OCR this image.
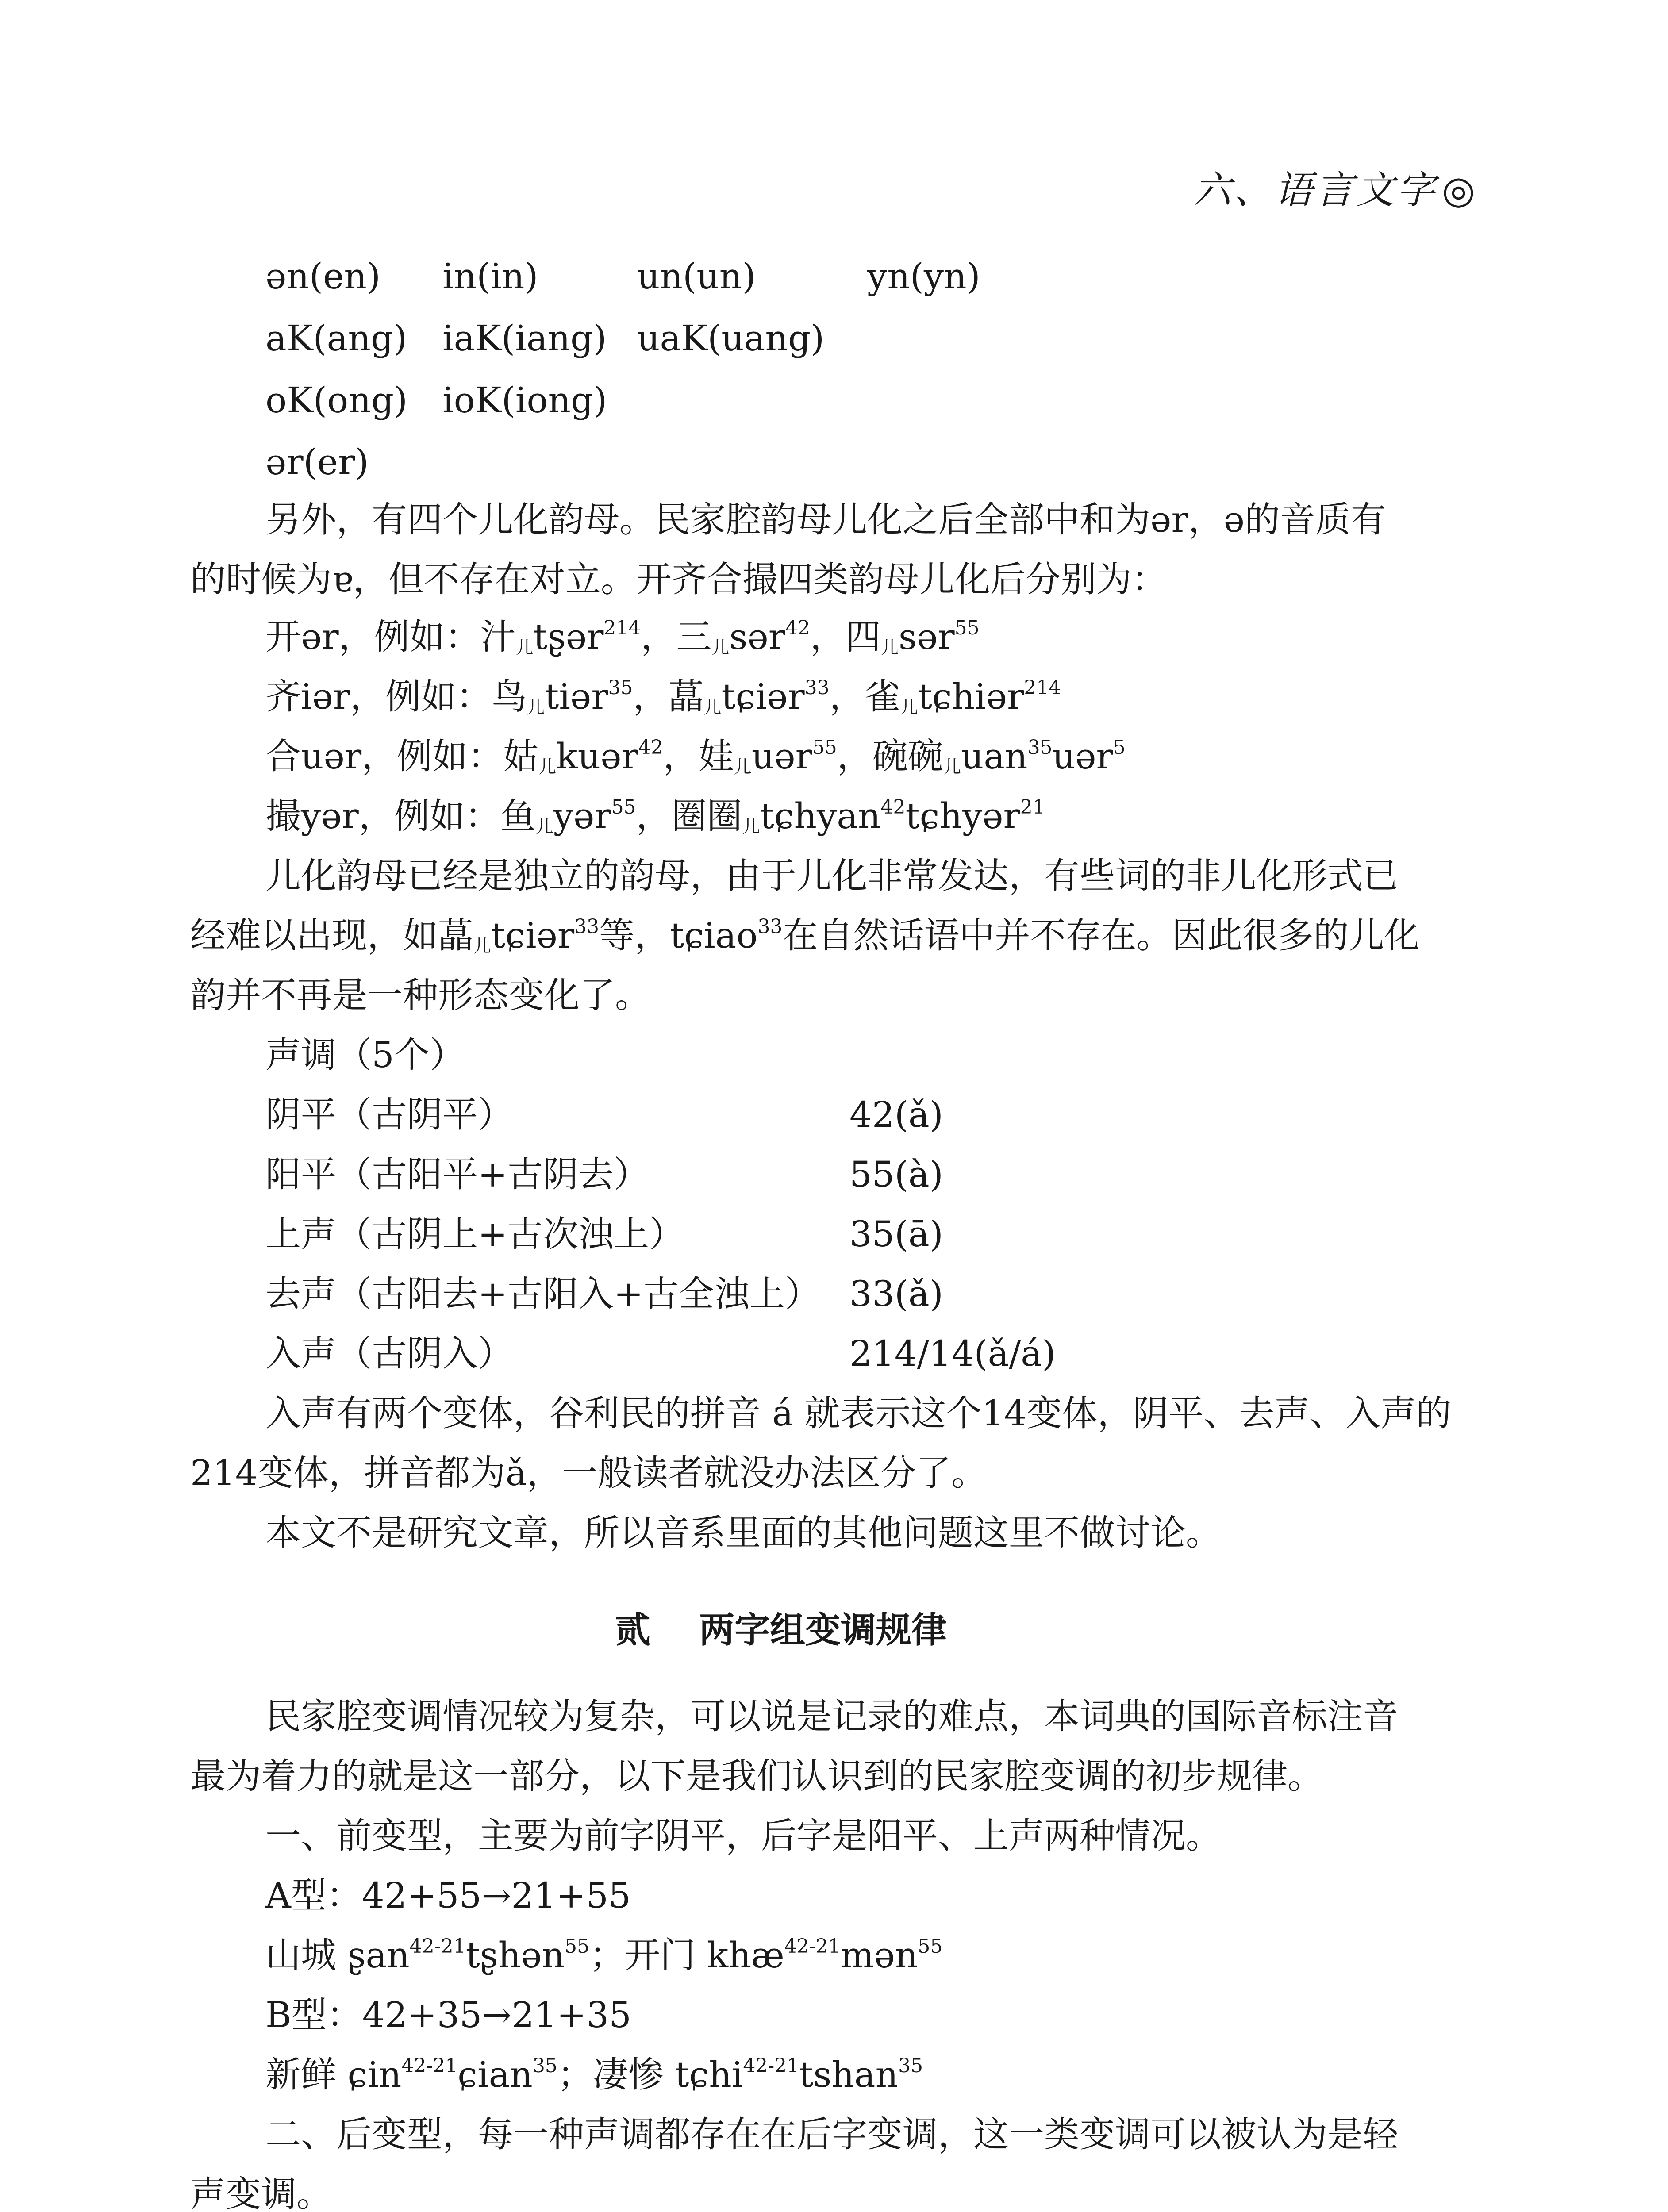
六、语言文字 ◎
ən(en) in(in)	un(un)	yn(yn)
aK(ang) iaK(iang) uaK(uang)
oK(ong) ioK(iong)
ər(er)
另外，有四个儿化韵母。民家腔韵母儿化之后全部中和为ər，ə的音质有
的时候为ɐ，但不存在对立。开齐合撮四类韵母儿化后分别为：
开ər，例如：汁$_儿$tʂər$^{214}$，三$_儿$sər$^{42}$，四$_儿$sər$^{55}$
齐iər，例如：鸟$_儿$tiər$^{35}$，蕌$_儿$tɕiər$^{33}$，雀$_儿$tɕhiər$^{214}$
合uər，例如：姑$_儿$kuər$^{42}$，娃$_儿$uər$^{55}$，碗碗$_儿$uan$^{35}$uər$^5$
撮yər，例如：鱼$_儿$yər$^{55}$，圈圈$_儿$tɕhyan$^{42}$tɕhyər$^{21}$
儿化韵母已经是独立的韵母，由于儿化非常发达，有些词的非儿化形式已
经难以出现，如蕌$_儿$tɕiər$^{33}$等，tɕiao$^{33}$在自然话语中并不存在。因此很多的儿化
韵并不再是一种形态变化了。
声调（5个）
阴平（古阴平）	42(ǎ)
阳平（古阳平+古阴去）	55(à)
上声（古阴上+古次浊上）	35(ā)
去声（古阳去+古阳入+古全浊上） 33(ǎ)
入声（古阴入）	214/14(ǎ/á)
入声有两个变体，谷利民的拼音 á 就表示这个14变体，阴平、去声、入声的
214变体，拼音都为ǎ，一般读者就没办法区分了。
本文不是研究文章，所以音系里面的其他问题这里不做讨论。
贰 两字组变调规律
民家腔变调情况较为复杂，可以说是记录的难点，本词典的国际音标注音
最为着力的就是这一部分，以下是我们认识到的民家腔变调的初步规律。
一、前变型，主要为前字阴平，后字是阳平、上声两种情况。
A型：42+55→21+55
山城 ʂan$^{42-21}$tʂhən$^{55}$；开门 khæ$^{42-21}$mən$^{55}$
B型：42+35→21+35
新鲜 ɕin$^{42-21}$ɕian$^{35}$；凄惨 tɕhi$^{42-21}$tshan$^{35}$
二、后变型，每一种声调都存在在后字变调，这一类变调可以被认为是轻
声变调。
